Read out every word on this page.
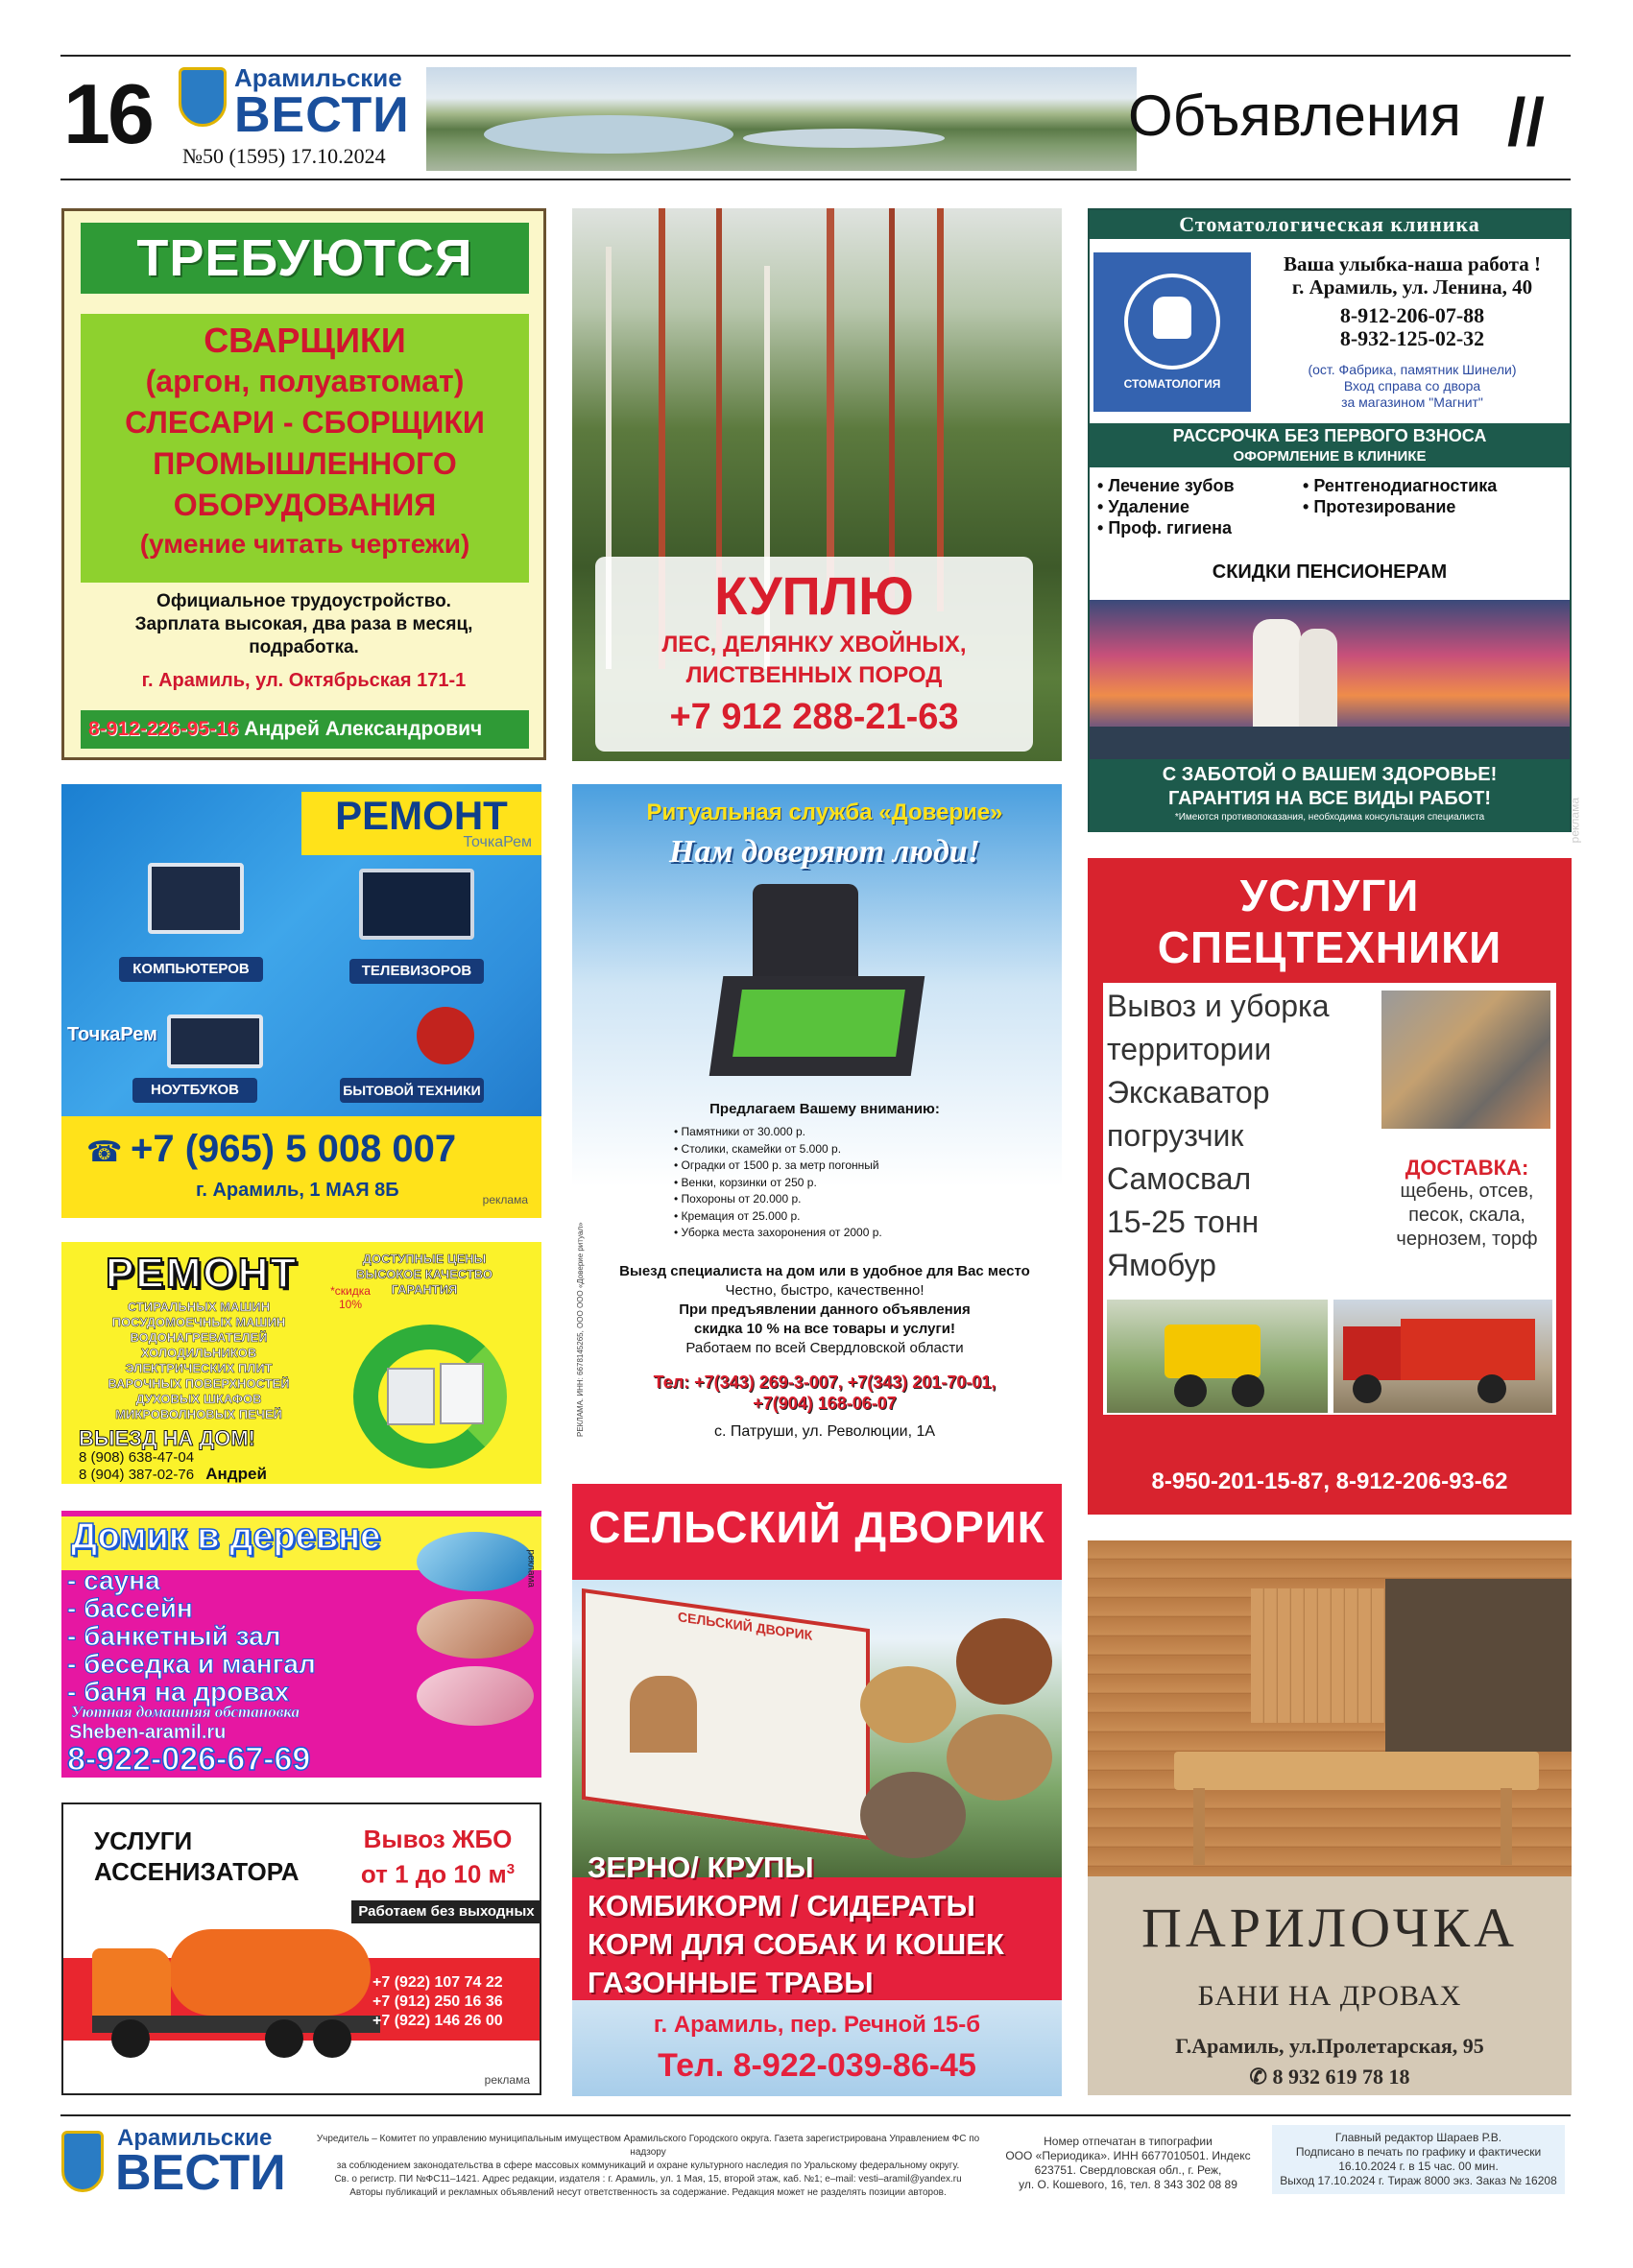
16	Арамильские
ВЕСТИ
№50 (1595) 17.10.2024
Объявления //
ТРЕБУЮТСЯ
СВАРЩИКИ
(аргон, полуавтомат)
СЛЕСАРИ - СБОРЩИКИ
ПРОМЫШЛЕННОГО
ОБОРУДОВАНИЯ
(умение читать чертежи)
Официальное трудоустройство.
Зарплата высокая, два раза в месяц,
подработка.
г. Арамиль, ул. Октябрьская 171-1
8-912-226-95-16 Андрей Александрович
КУПЛЮ
ЛЕС, ДЕЛЯНКУ ХВОЙНЫХ,
ЛИСТВЕННЫХ ПОРОД
+7 912 288-21-63
Стоматологическая клиника
СТОМАТОЛОГИЯ
Ваша улыбка-наша работа !
г. Арамиль, ул. Ленина, 40
8-912-206-07-88
8-932-125-02-32
(ост. Фабрика, памятник Шинели)
Вход справа со двора
за магазином "Магнит"
РАССРОЧКА БЕЗ ПЕРВОГО ВЗНОСА
ОФОРМЛЕНИЕ В КЛИНИКЕ
• Лечение зубов
• Удаление
• Проф. гигиена
• Рентгенодиагностика
• Протезирование
СКИДКИ ПЕНСИОНЕРАМ
С ЗАБОТОЙ О ВАШЕМ ЗДОРОВЬЕ!
ГАРАНТИЯ НА ВСЕ ВИДЫ РАБОТ!
*Имеются противопоказания, необходима консультация специалиста	реклама
РЕМОНТ
ТочкаРем
КОМПЬЮТЕРОВ	ТЕЛЕВИЗОРОВ
ТочкаРем
НОУТБУКОВ	БЫТОВОЙ ТЕХНИКИ
☎ +7 (965) 5 008 007
г. Арамиль, 1 МАЯ 8Б	реклама
РЕКЛАМА. ИНН: 6678145265, ООО ООО «Доверие ритуал»
Ритуальная служба «Доверие»
Нам доверяют люди!
Предлагаем Вашему вниманию:
• Памятники от 30.000 р.
• Столики, скамейки от 5.000 р.
• Оградки от 1500 р. за метр погонный
• Венки, корзинки от 250 р.
• Похороны от 20.000 р.
• Кремация от 25.000 р.
• Уборка места захоронения от 2000 р.
Выезд специалиста на дом или в удобное для Вас место
Честно, быстро, качественно!
При предъявлении данного объявления
скидка 10 % на все товары и услуги!
Работаем по всей Свердловской области
Тел: +7(343) 269-3-007, +7(343) 201-70-01,
+7(904) 168-06-07
с. Патруши, ул. Революции, 1А
УСЛУГИ
СПЕЦТЕХНИКИ
Вывоз и уборка
территории
Экскаватор
погрузчик
Самосвал
15-25 тонн
Ямобур
ДОСТАВКА:
щебень, отсев,
песок, скала,
чернозем, торф
8-950-201-15-87, 8-912-206-93-62
РЕМОНТ	ДОСТУПНЫЕ ЦЕНЫ
ВЫСОКОЕ КАЧЕСТВО
ГАРАНТИЯ
*скидка
10%
СТИРАЛЬНЫХ МАШИН
ПОСУДОМОЕЧНЫХ МАШИН
ВОДОНАГРЕВАТЕЛЕЙ
ХОЛОДИЛЬНИКОВ
ЭЛЕКТРИЧЕСКИХ ПЛИТ
ВАРОЧНЫХ ПОВЕРХНОСТЕЙ
ДУХОВЫХ ШКАФОВ
МИКРОВОЛНОВЫХ ПЕЧЕЙ
ВЫЕЗД НА ДОМ!
8 (908) 638-47-04
8 (904) 387-02-76 Андрей
Домик в деревне
- сауна
- бассейн
- банкетный зал
- беседка и мангал
- баня на дровах
Уютная домашняя обстановка
Sheben-aramil.ru
8-922-026-67-69
реклама
СЕЛЬСКИЙ ДВОРИК
СЕЛЬСКИЙ ДВОРИК
ЗЕРНО/ КРУПЫ
КОМБИКОРМ / СИДЕРАТЫ
КОРМ ДЛЯ СОБАК И КОШЕК
ГАЗОННЫЕ ТРАВЫ
г. Арамиль, пер. Речной 15-б
Тел. 8-922-039-86-45
ПАРИЛОЧКА
БАНИ НА ДРОВАХ
Г.Арамиль, ул.Пролетарская, 95
✆ 8 932 619 78 18
УСЛУГИ
АССЕНИЗАТОРА
Вывоз ЖБО
от 1 до 10 $м^3$
Работаем без выходных
+7 (922) 107 74 22
+7 (912) 250 16 36
+7 (922) 146 26 00
реклама
Арамильские
ВЕСТИ
Учредитель – Комитет по управлению муниципальным имуществом Арамильского Городского округа. Газета зарегистрирована Управлением ФС по надзору
за соблюдением законодательства в сфере массовых коммуникаций и охране культурного наследия по Уральскому федеральному округу.
Св. о регистр. ПИ №ФС11–1421. Адрес редакции, издателя : г. Арамиль, ул. 1 Мая, 15, второй этаж, каб. №1; e–mail: vesti–aramil@yandex.ru
Авторы публикаций и рекламных объявлений несут ответственность за содержание. Редакция может не разделять позиции авторов.
Номер отпечатан в типографии
ООО «Периодика». ИНН 6677010501. Индекс
623751. Свердловская обл., г. Реж,
ул. О. Кошевого, 16, тел. 8 343 302 08 89
Главный редактор Шараев Р.В.
Подписано в печать по графику и фактически
16.10.2024 г. в 15 час. 00 мин.
Выход 17.10.2024 г. Тираж 8000 экз. Заказ № 16208
